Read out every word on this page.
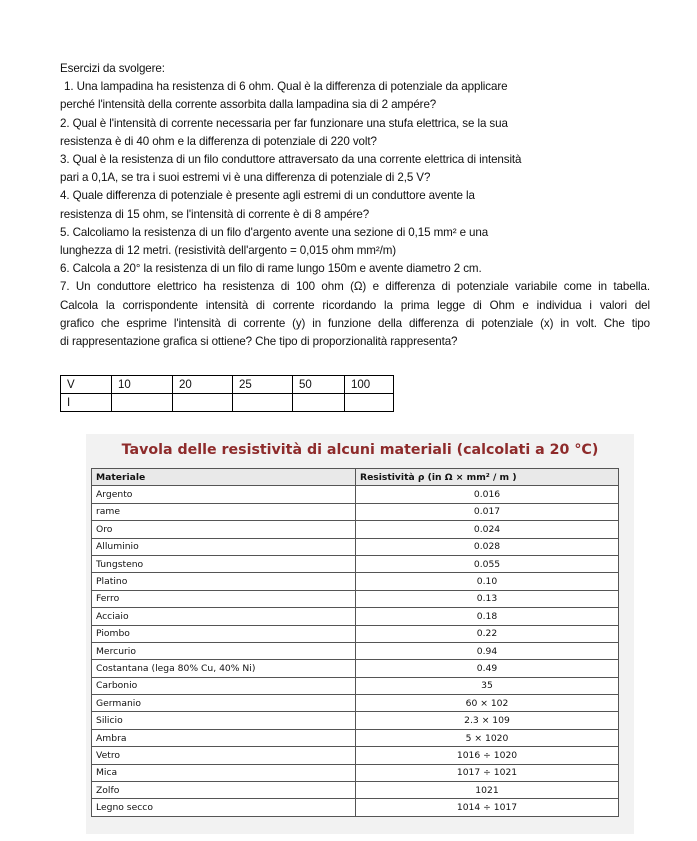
Esercizi da svolgere:
1. Una lampadina ha resistenza di 6 ohm. Qual è la differenza di potenziale da applicare
perché l'intensità della corrente assorbita dalla lampadina sia di 2 ampére?
2. Qual è l'intensità di corrente necessaria per far funzionare una stufa elettrica, se la sua
resistenza è di 40 ohm e la differenza di potenziale di 220 volt?
3. Qual è la resistenza di un filo conduttore attraversato da una corrente elettrica di intensità
pari a 0,1A, se tra i suoi estremi vi è una differenza di potenziale di 2,5 V?
4. Quale differenza di potenziale è presente agli estremi di un conduttore avente la
resistenza di 15 ohm, se l'intensità di corrente è di 8 ampére?
5. Calcoliamo la resistenza di un filo d'argento avente una sezione di 0,15 mm² e una
lunghezza di 12 metri. (resistività dell'argento = 0,015 ohm mm²/m)
6. Calcola a 20° la resistenza di un filo di rame lungo 150m e avente diametro 2 cm.
7. Un conduttore elettrico ha resistenza di 100 ohm (Ω) e differenza di potenziale variabile come in tabella.
Calcola la corrispondente intensità di corrente ricordando la prima legge di Ohm e individua i valori del
grafico che esprime l'intensità di corrente (y) in funzione della differenza di potenziale (x) in volt. Che tipo
di rappresentazione grafica si ottiene? Che tipo di proporzionalità rappresenta?
V	10	20	25	50	100
I					
Tavola delle resistività di alcuni materiali (calcolati a 20 °C)
Materiale	Resistività ρ (in Ω × mm² / m )
Argento	0.016
rame	0.017
Oro	0.024
Alluminio	0.028
Tungsteno	0.055
Platino	0.10
Ferro	0.13
Acciaio	0.18
Piombo	0.22
Mercurio	0.94
Costantana (lega 80% Cu, 40% Ni)	0.49
Carbonio	35
Germanio	60 × 102
Silicio	2.3 × 109
Ambra	5 × 1020
Vetro	1016 ÷ 1020
Mica	1017 ÷ 1021
Zolfo	1021
Legno secco	1014 ÷ 1017
